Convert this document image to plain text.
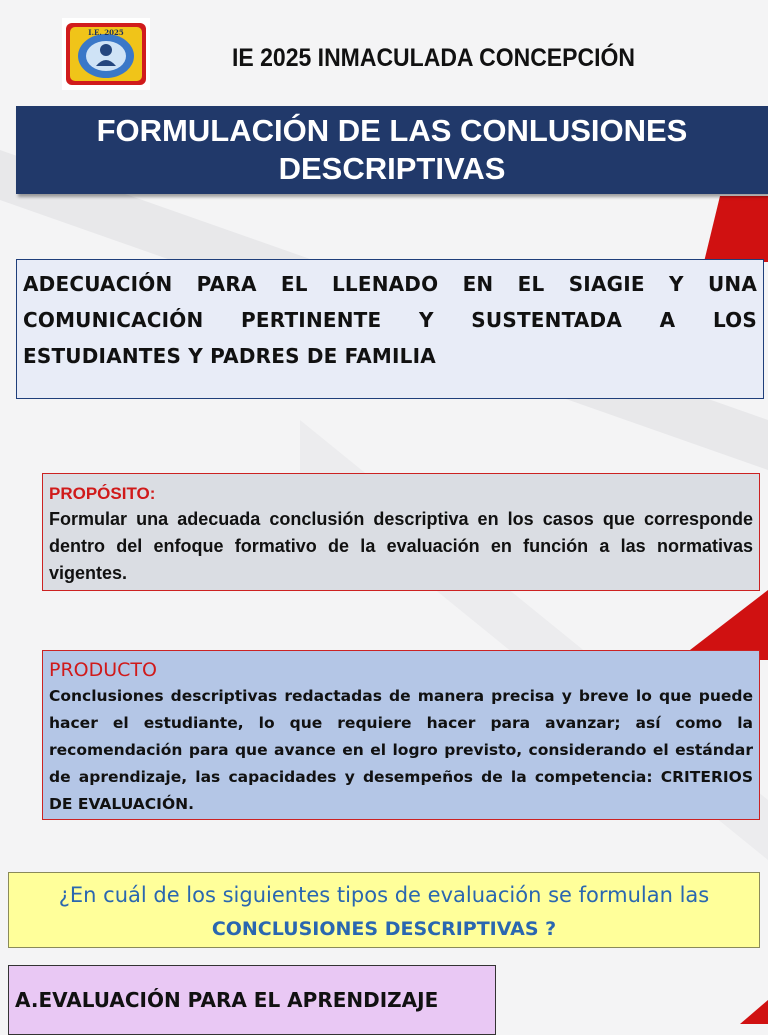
I.E. 2025
IE 2025 INMACULADA CONCEPCIÓN
FORMULACIÓN DE LAS CONLUSIONES
DESCRIPTIVAS

ADECUACIÓN PARA EL LLENADO EN EL SIAGIE Y UNA COMUNICACIÓN PERTINENTE Y SUSTENTADA A LOS ESTUDIANTES Y PADRES DE FAMILIA

PROPÓSITO:

Formular una adecuada conclusión descriptiva en los casos que corresponde dentro del enfoque formativo de la evaluación en función a las normativas vigentes.

PRODUCTO

Conclusiones descriptivas redactadas de manera precisa y breve lo que puede hacer el estudiante, lo que requiere hacer para avanzar; así como la recomendación para que avance en el logro previsto, considerando el estándar de aprendizaje, las capacidades y desempeños de la competencia: CRITERIOS DE EVALUACIÓN.

¿En cuál de los siguientes tipos de evaluación se formulan las
CONCLUSIONES DESCRIPTIVAS ?
A.EVALUACIÓN PARA EL APRENDIZAJE
